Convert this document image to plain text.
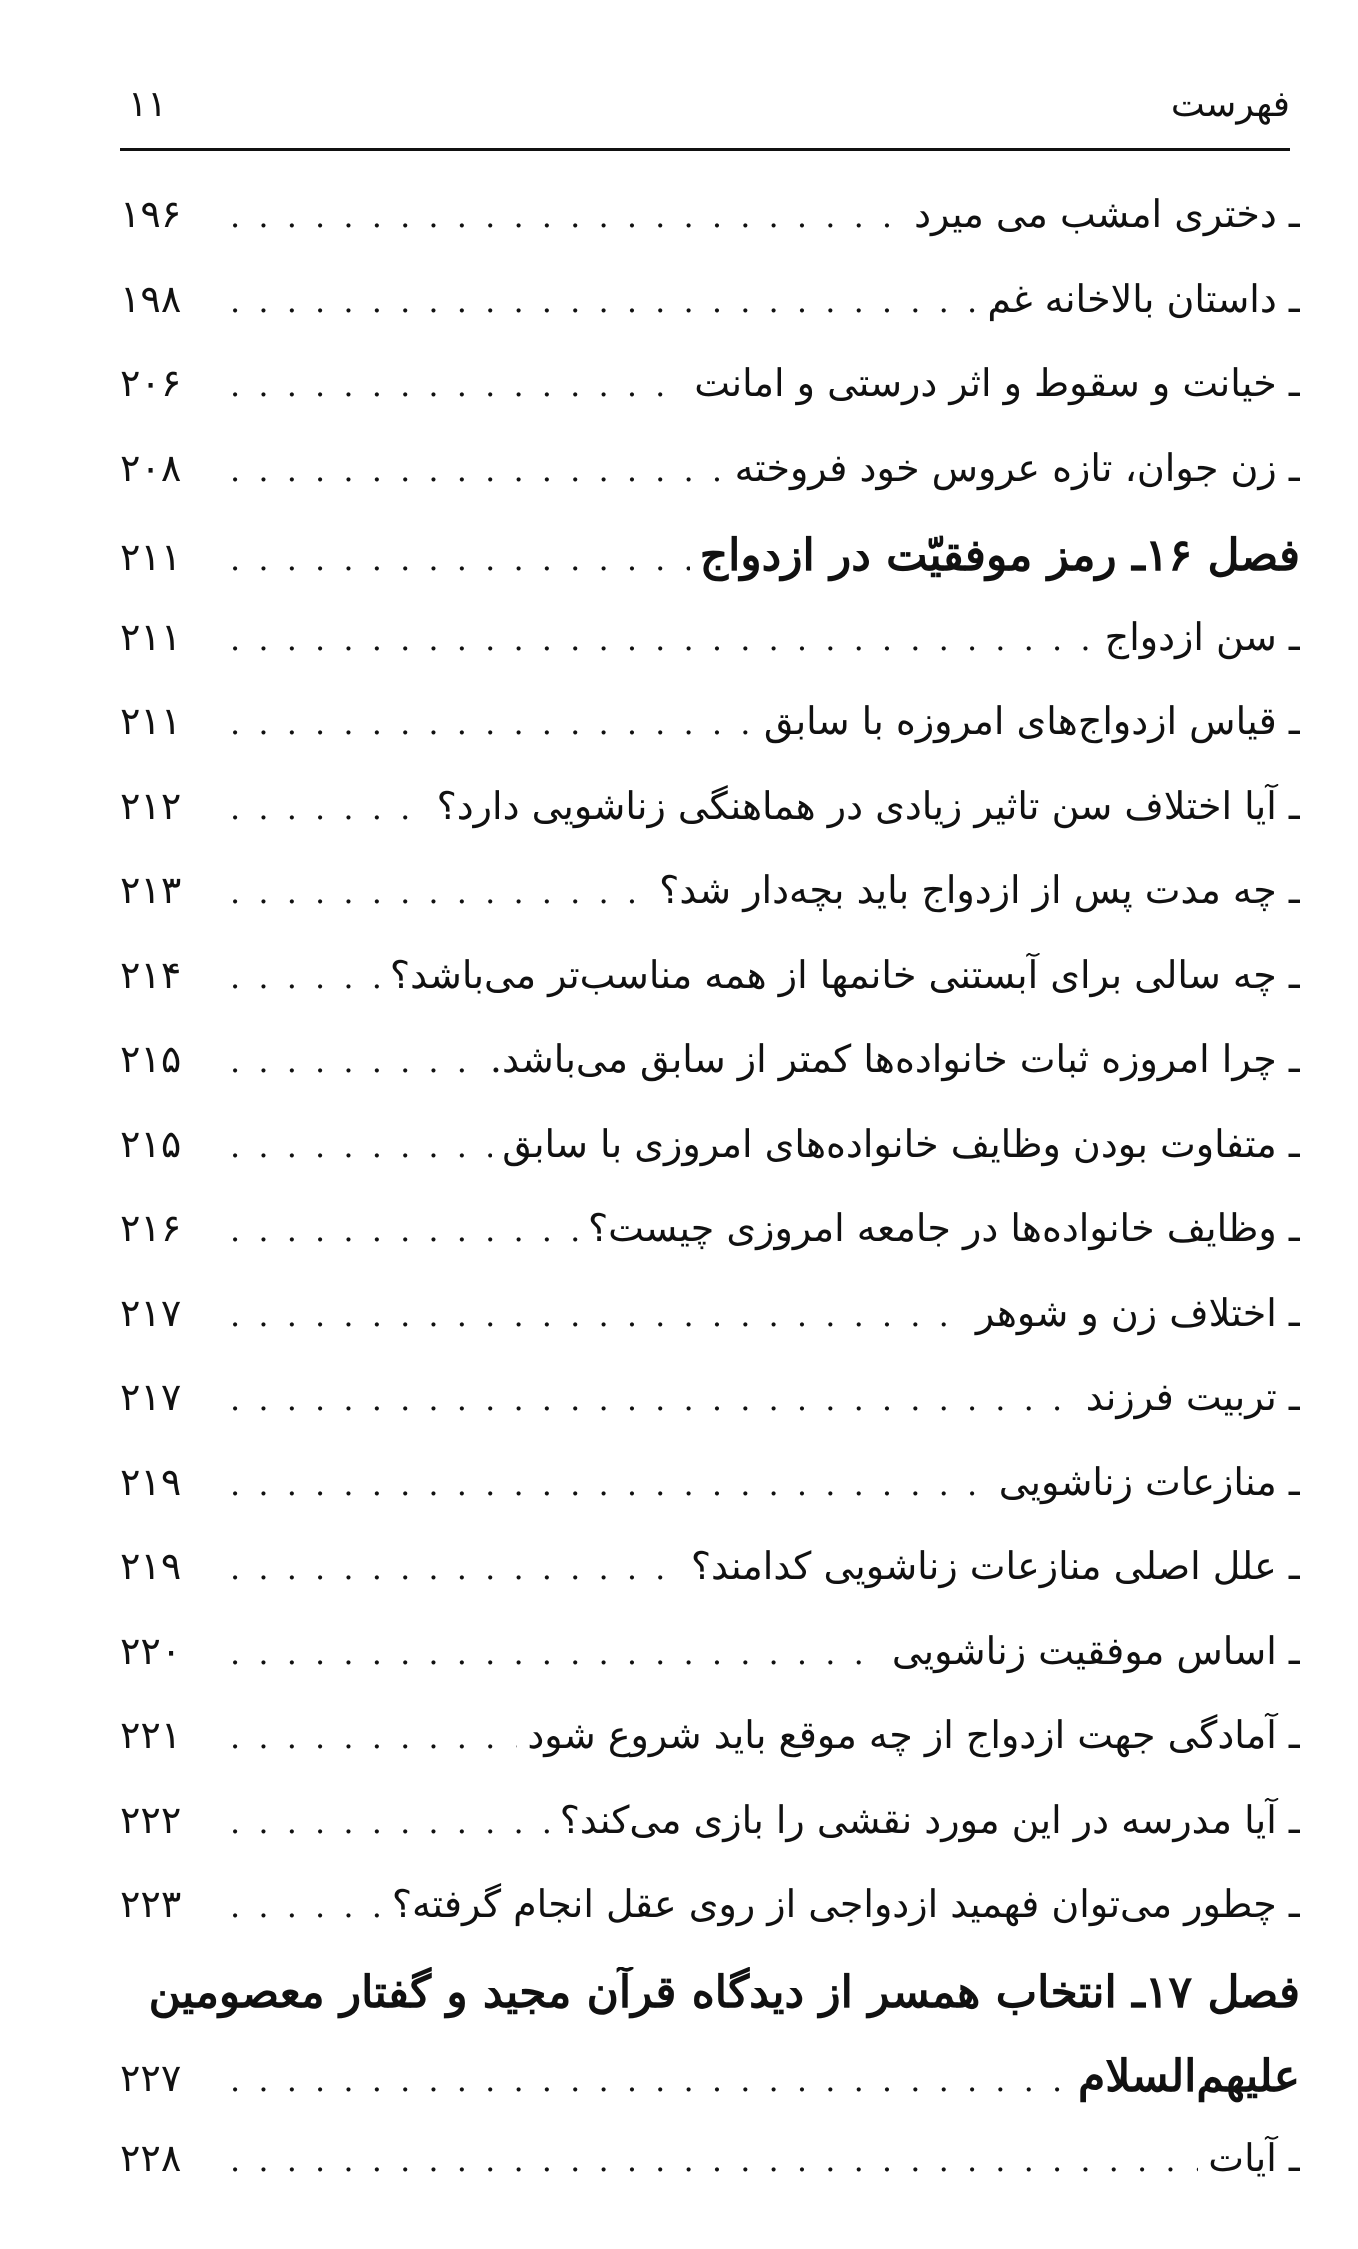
فهرست
۱۱
ـ دختری امشب می میرد
. . .
۱۹۶
ـ داستان بالاخانه غم
. . .
۱۹۸
ـ خیانت و سقوط و اثر درستی و امانت
. . .
۲۰۶
ـ زن جوان، تازه عروس خود فروخته
. . .
۲۰۸
فصل ۱۶ـ رمز موفقیّت در ازدواج
. . .
۲۱۱
ـ سن ازدواج
. . .
۲۱۱
ـ قیاس ازدواج‌های امروزه با سابق
. . .
۲۱۱
ـ آیا اختلاف سن تاثیر زیادی در هماهنگی زناشویی دارد؟
. . .
۲۱۲
ـ چه مدت پس از ازدواج باید بچه‌دار شد؟
. . .
۲۱۳
ـ چه سالی برای آبستنی خانمها از همه مناسب‌تر می‌باشد؟
. . .
۲۱۴
ـ چرا امروزه ثبات خانواده‌ها کمتر از سابق می‌باشد.
. . .
۲۱۵
ـ متفاوت بودن وظایف خانواده‌های امروزی با سابق
. . .
۲۱۵
ـ وظایف خانواده‌ها در جامعه امروزی چیست؟
. . .
۲۱۶
ـ اختلاف زن و شوهر
. . .
۲۱۷
ـ تربیت فرزند
. . .
۲۱۷
ـ منازعات زناشویی
. . .
۲۱۹
ـ علل اصلی منازعات زناشویی کدامند؟
. . .
۲۱۹
ـ اساس موفقیت زناشویی
. . .
۲۲۰
ـ آمادگی جهت ازدواج از چه موقع باید شروع شود
. . .
۲۲۱
ـ آیا مدرسه در این مورد نقشی را بازی می‌کند؟
. . .
۲۲۲
ـ چطور می‌توان فهمید ازدواجی از روی عقل انجام گرفته؟
. . .
۲۲۳
فصل ۱۷ـ انتخاب همسر از دیدگاه قرآن مجید و گفتار معصومین
علیهم‌السلام
. . .
۲۲۷
ـ آیات
. . .
۲۲۸
